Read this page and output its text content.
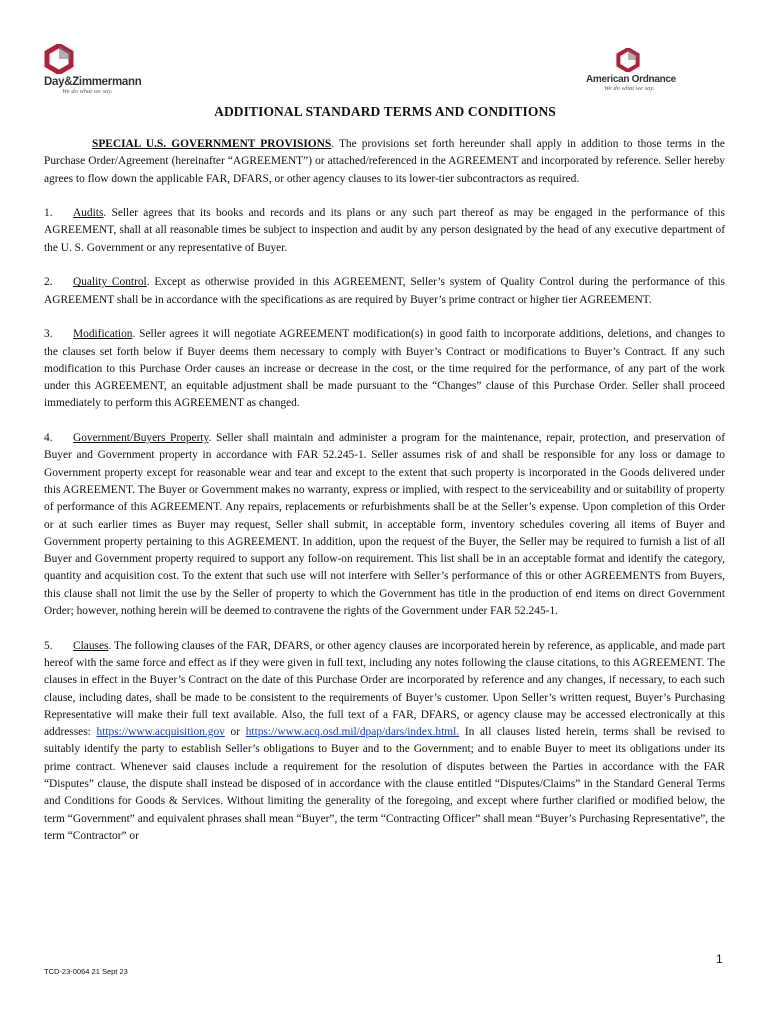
Day&Zimmermann
We do what we say.
American Ordnance
We do what we say.
ADDITIONAL STANDARD TERMS AND CONDITIONS

SPECIAL U.S. GOVERNMENT PROVISIONS. The provisions set forth hereunder shall apply in addition to those terms in the Purchase Order/Agreement (hereinafter “AGREEMENT”) or attached/referenced in the AGREEMENT and incorporated by reference. Seller hereby agrees to flow down the applicable FAR, DFARS, or other agency clauses to its lower-tier subcontractors as required.

1. Audits. Seller agrees that its books and records and its plans or any such part thereof as may be engaged in the performance of this AGREEMENT, shall at all reasonable times be subject to inspection and audit by any person designated by the head of any executive department of the U. S. Government or any representative of Buyer.

2. Quality Control. Except as otherwise provided in this AGREEMENT, Seller’s system of Quality Control during the performance of this AGREEMENT shall be in accordance with the specifications as are required by Buyer’s prime contract or higher tier AGREEMENT.

3. Modification. Seller agrees it will negotiate AGREEMENT modification(s) in good faith to incorporate additions, deletions, and changes to the clauses set forth below if Buyer deems them necessary to comply with Buyer’s Contract or modifications to Buyer’s Contract. If any such modification to this Purchase Order causes an increase or decrease in the cost, or the time required for the performance, of any part of the work under this AGREEMENT, an equitable adjustment shall be made pursuant to the “Changes” clause of this Purchase Order. Seller shall proceed immediately to perform this AGREEMENT as changed.

4. Government/Buyers Property. Seller shall maintain and administer a program for the maintenance, repair, protection, and preservation of Buyer and Government property in accordance with FAR 52.245-1. Seller assumes risk of and shall be responsible for any loss or damage to Government property except for reasonable wear and tear and except to the extent that such property is incorporated in the Goods delivered under this AGREEMENT. The Buyer or Government makes no warranty, express or implied, with respect to the serviceability and or suitability of property of performance of this AGREEMENT. Any repairs, replacements or refurbishments shall be at the Seller’s expense. Upon completion of this Order or at such earlier times as Buyer may request, Seller shall submit, in acceptable form, inventory schedules covering all items of Buyer and Government property pertaining to this AGREEMENT. In addition, upon the request of the Buyer, the Seller may be required to furnish a list of all Buyer and Government property required to support any follow-on requirement. This list shall be in an acceptable format and identify the category, quantity and acquisition cost. To the extent that such use will not interfere with Seller’s performance of this or other AGREEMENTS from Buyers, this clause shall not limit the use by the Seller of property to which the Government has title in the production of end items on direct Government Order; however, nothing herein will be deemed to contravene the rights of the Government under FAR 52.245-1.

5. Clauses. The following clauses of the FAR, DFARS, or other agency clauses are incorporated herein by reference, as applicable, and made part hereof with the same force and effect as if they were given in full text, including any notes following the clause citations, to this AGREEMENT. The clauses in effect in the Buyer’s Contract on the date of this Purchase Order are incorporated by reference and any changes, if necessary, to each such clause, including dates, shall be made to be consistent to the requirements of Buyer’s customer. Upon Seller’s written request, Buyer’s Purchasing Representative will make their full text available. Also, the full text of a FAR, DFARS, or agency clause may be accessed electronically at this addresses: https://www.acquisition.gov or https://www.acq.osd.mil/dpap/dars/index.html. In all clauses listed herein, terms shall be revised to suitably identify the party to establish Seller’s obligations to Buyer and to the Government; and to enable Buyer to meet its obligations under its prime contract. Whenever said clauses include a requirement for the resolution of disputes between the Parties in accordance with the FAR “Disputes” clause, the dispute shall instead be disposed of in accordance with the clause entitled “Disputes/Claims” in the Standard General Terms and Conditions for Goods & Services. Without limiting the generality of the foregoing, and except where further clarified or modified below, the term “Government” and equivalent phrases shall mean “Buyer”, the term “Contracting Officer” shall mean “Buyer’s Purchasing Representative”, the term “Contractor” or

1
TCD-23-0064 21 Sept 23
